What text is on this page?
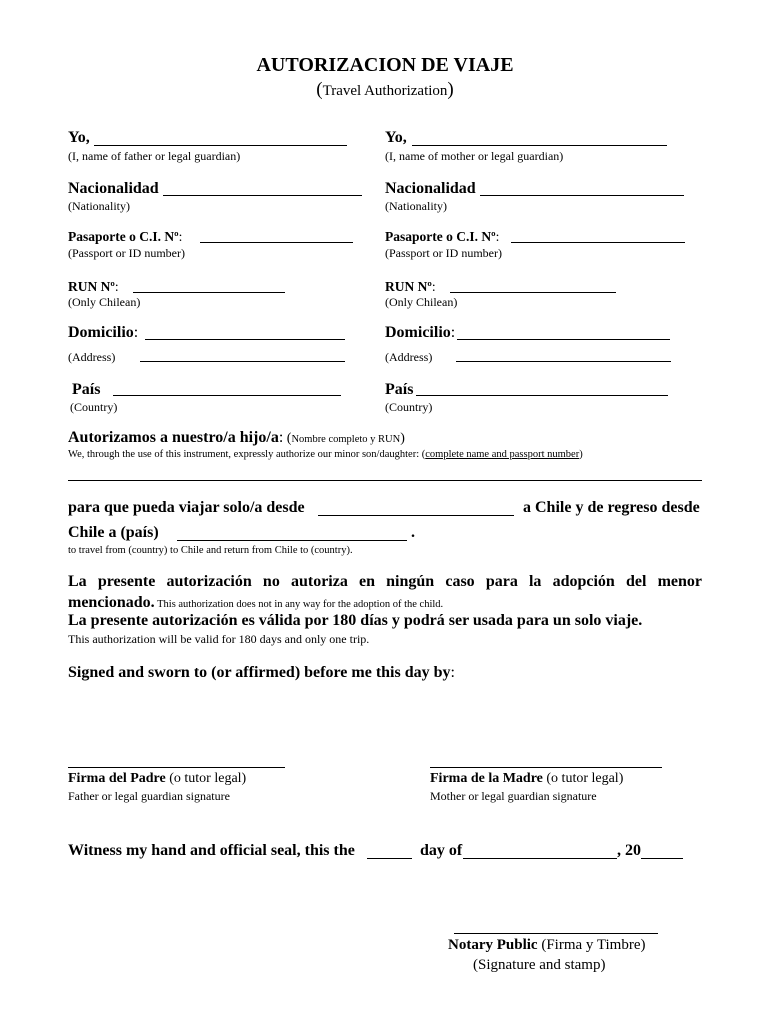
AUTORIZACION DE VIAJE
(Travel Authorization)
Yo,
(I, name of father or legal guardian)
Nacionalidad
(Nationality)
Pasaporte o C.I. Nº:
(Passport or ID number)
RUN Nº:
(Only Chilean)
Domicilio:
(Address)
País
(Country)
Yo,
(I, name of mother or legal guardian)
Nacionalidad
(Nationality)
Pasaporte o C.I. Nº:
(Passport or ID number)
RUN Nº:
(Only Chilean)
Domicilio:
(Address)
País
(Country)
Autorizamos a nuestro/a hijo/a: (Nombre completo y RUN)
We, through the use of this instrument, expressly authorize our minor son/daughter: (complete name and passport number)
para que pueda viajar solo/a desde	a Chile y de regreso desde
Chile a (país)	.
to travel from (country) to Chile and return from Chile to (country).
La presente autorización no autoriza en ningún caso para la adopción del menor
mencionado. This authorization does not in any way for the adoption of the child.
La presente autorización es válida por 180 días y podrá ser usada para un solo viaje.
This authorization will be valid for 180 days and only one trip.
Signed and sworn to (or affirmed) before me this day by:
Firma del Padre (o tutor legal)
Father or legal guardian signature
Firma de la Madre (o tutor legal)
Mother or legal guardian signature
Witness my hand and official seal, this the	day of	, 20
Notary Public (Firma y Timbre)
(Signature and stamp)
